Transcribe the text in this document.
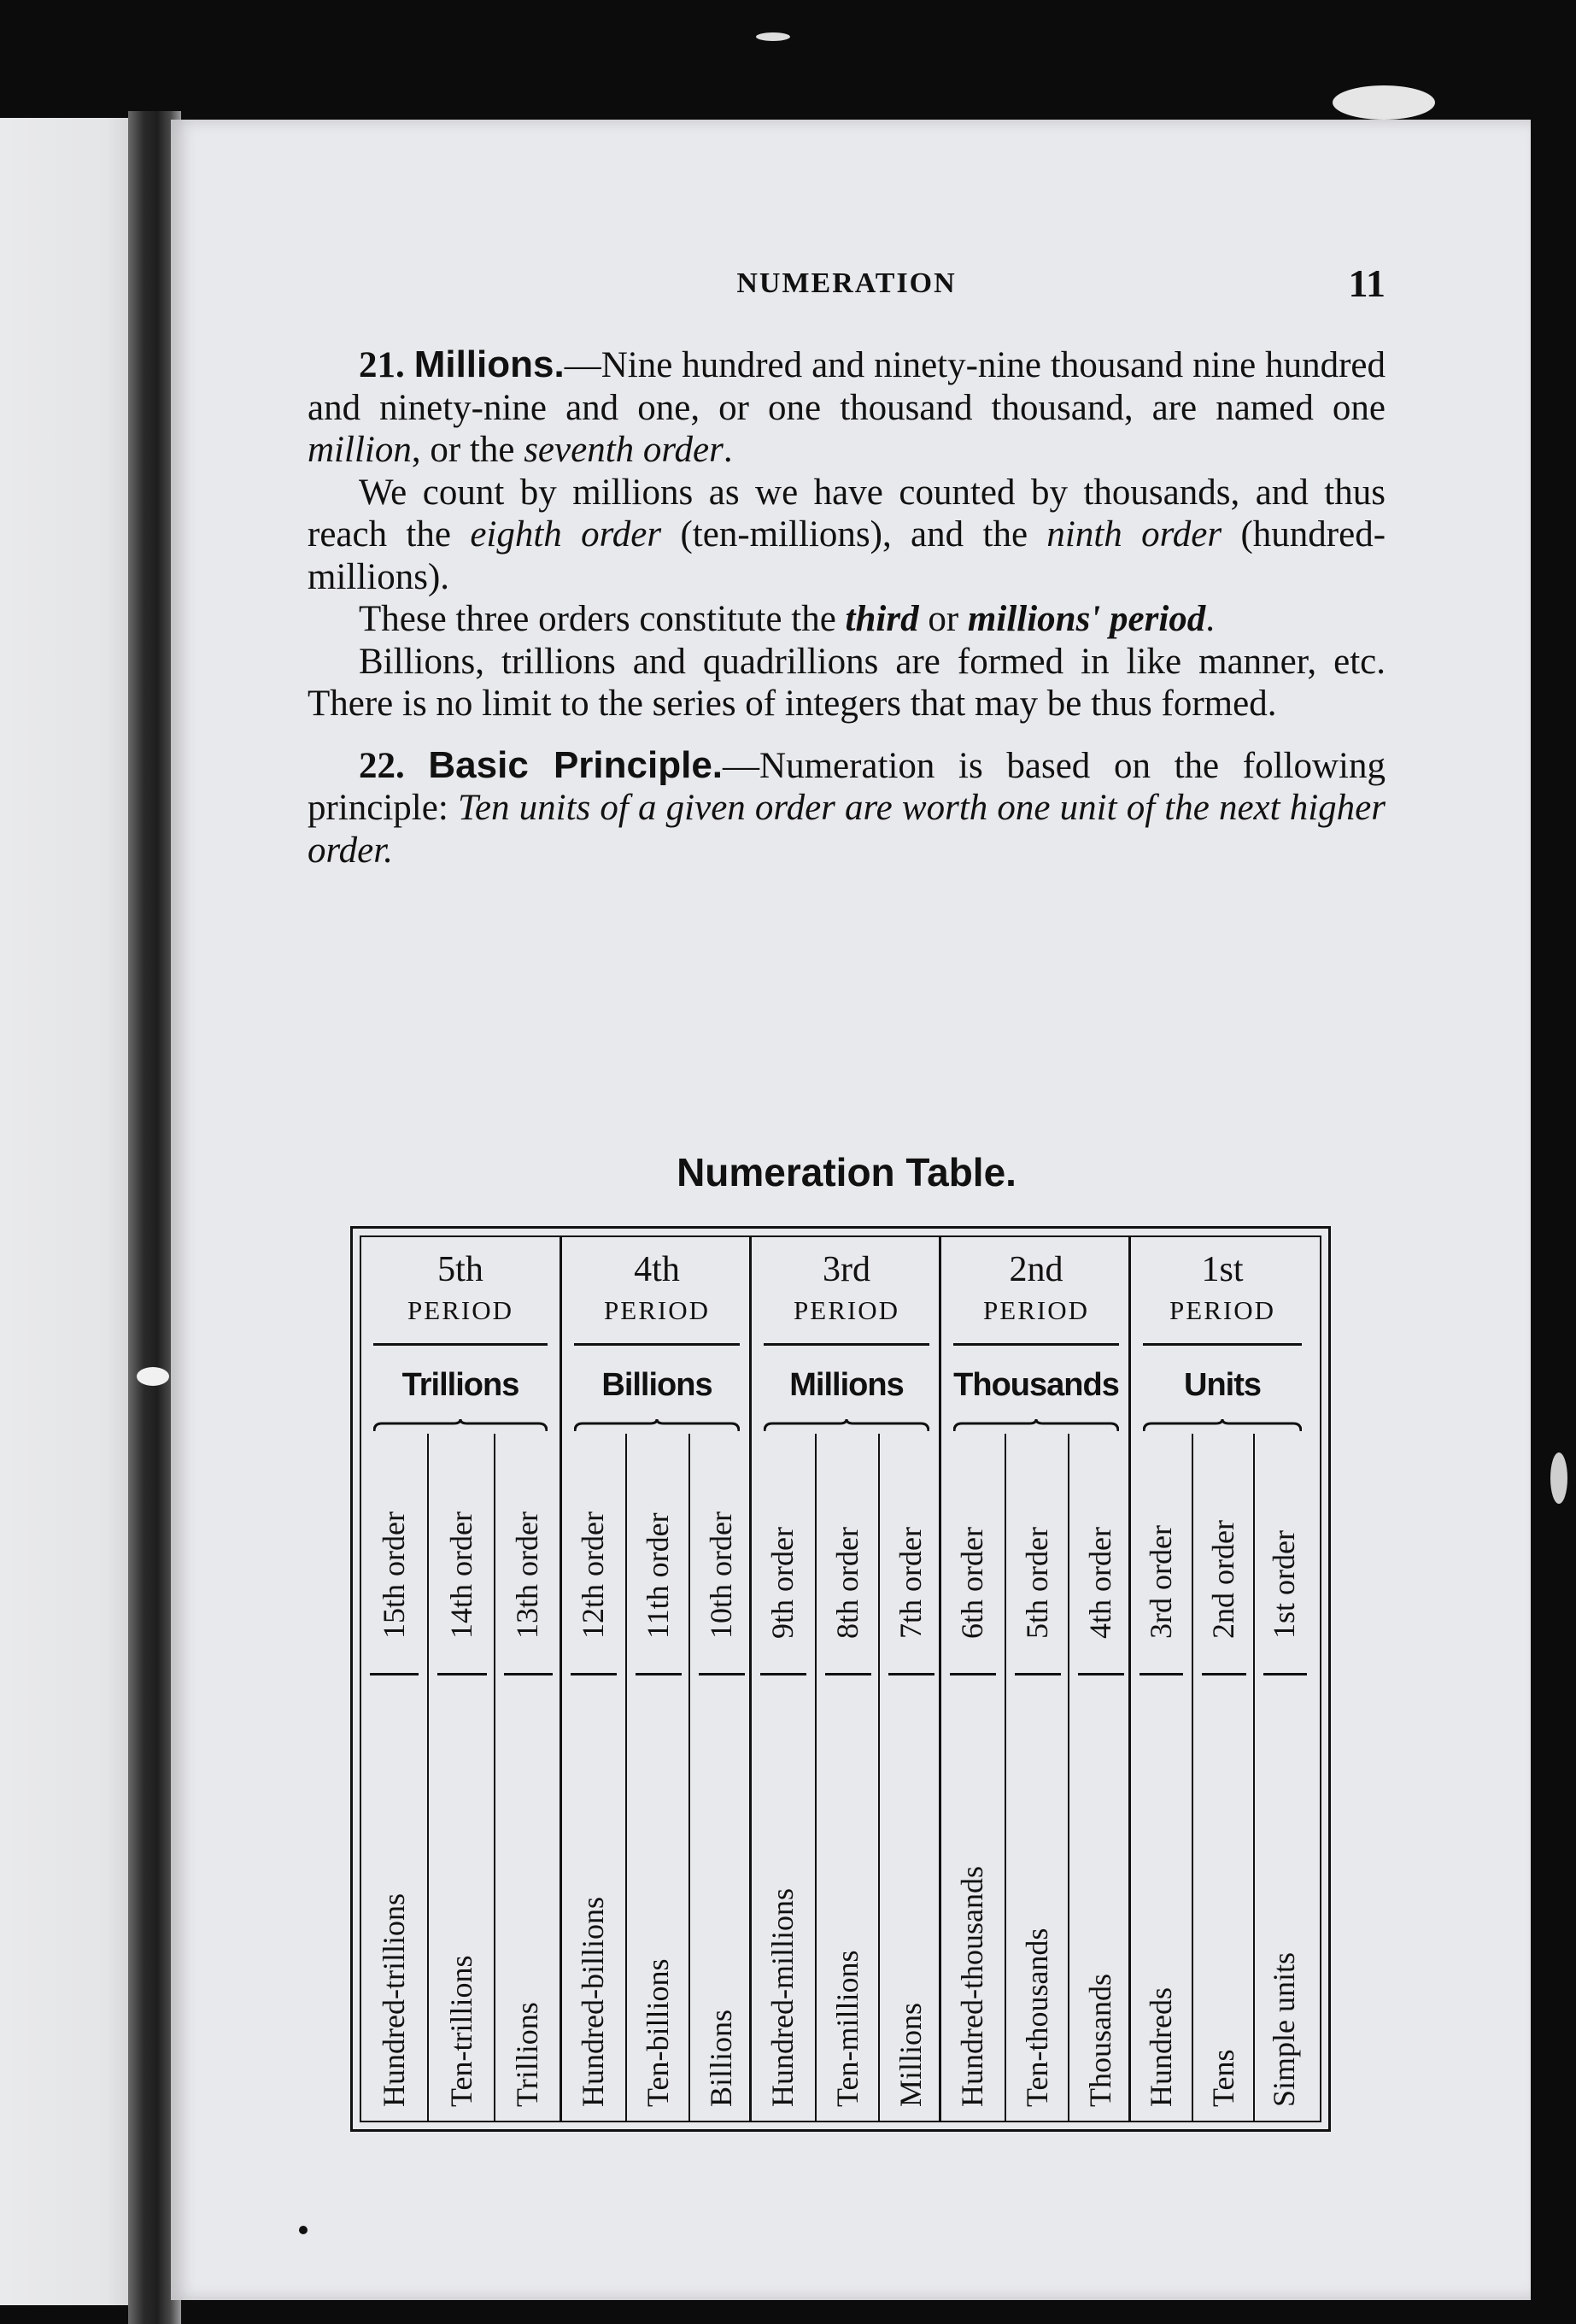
NUMERATION	11

21. Millions.—Nine hundred and ninety-nine thousand nine hundred and ninety-nine and one, or one thousand thousand, are named one million, or the seventh order.

We count by millions as we have counted by thousands, and thus reach the eighth order (ten-millions), and the ninth order (hundred-millions).

These three orders constitute the third or millions' period.

Billions, trillions and quadrillions are formed in like manner, etc. There is no limit to the series of integers that may be thus formed.

22. Basic Principle.—Numeration is based on the following principle: Ten units of a given order are worth one unit of the next higher order.

Numeration Table.
5th
PERIOD
Trillions
15th order
Hundred-trillions
14th order
Ten-trillions
13th order
Trillions
4th
PERIOD
Billions
12th order
Hundred-billions
11th order
Ten-billions
10th order
Billions
3rd
PERIOD
Millions
9th order
Hundred-millions
8th order
Ten-millions
7th order
Millions
2nd
PERIOD
Thousands
6th order
Hundred-thousands
5th order
Ten-thousands
4th order
Thousands
1st
PERIOD
Units
3rd order
Hundreds
2nd order
Tens
1st order
Simple units
